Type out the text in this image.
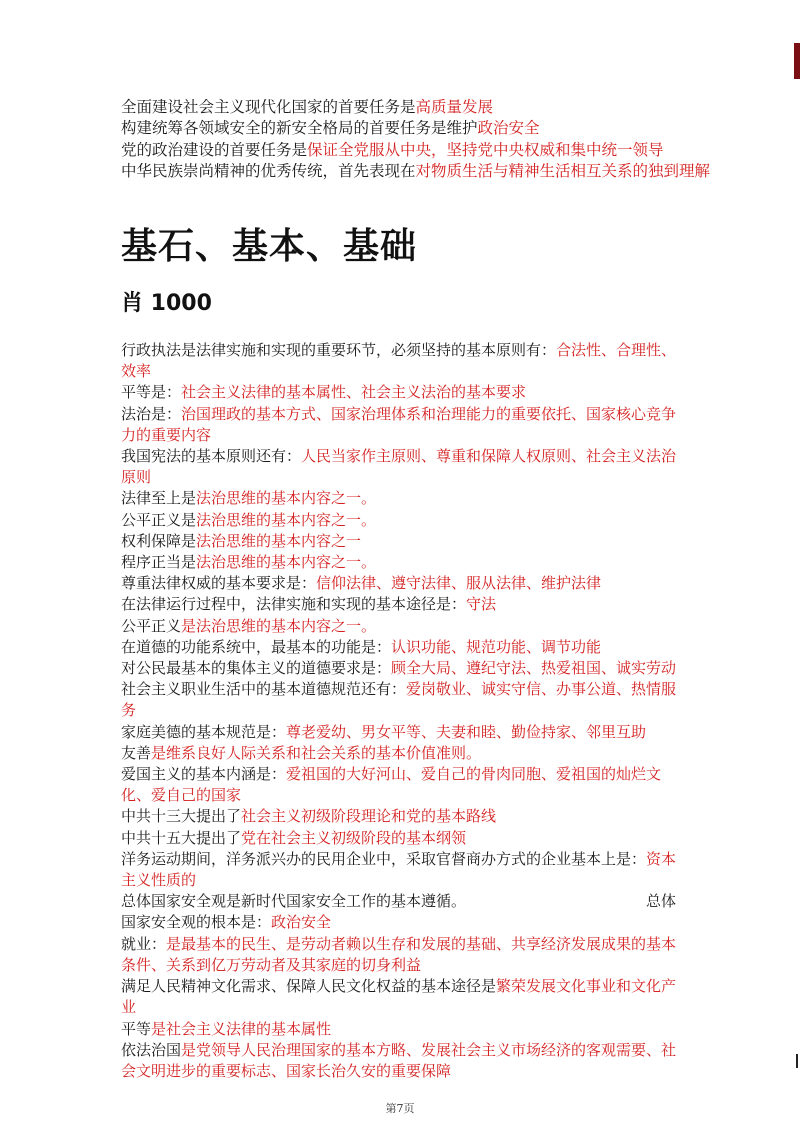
全面建设社会主义现代化国家的首要任务是高质量发展
构建统筹各领域安全的新安全格局的首要任务是维护政治安全
党的政治建设的首要任务是保证全党服从中央，坚持党中央权威和集中统一领导
中华民族崇尚精神的优秀传统，首先表现在对物质生活与精神生活相互关系的独到理解
基石、基本、基础
肖 1000
行政执法是法律实施和实现的重要环节，必须坚持的基本原则有：合法性、合理性、效率
平等是：社会主义法律的基本属性、社会主义法治的基本要求
法治是：治国理政的基本方式、国家治理体系和治理能力的重要依托、国家核心竞争力的重要内容
我国宪法的基本原则还有：人民当家作主原则、尊重和保障人权原则、社会主义法治原则
法律至上是法治思维的基本内容之一。
公平正义是法治思维的基本内容之一。
权利保障是法治思维的基本内容之一
程序正当是法治思维的基本内容之一。
尊重法律权威的基本要求是：信仰法律、遵守法律、服从法律、维护法律
在法律运行过程中，法律实施和实现的基本途径是：守法
公平正义是法治思维的基本内容之一。
在道德的功能系统中，最基本的功能是：认识功能、规范功能、调节功能
对公民最基本的集体主义的道德要求是：顾全大局、遵纪守法、热爱祖国、诚实劳动
社会主义职业生活中的基本道德规范还有：爱岗敬业、诚实守信、办事公道、热情服务
家庭美德的基本规范是：尊老爱幼、男女平等、夫妻和睦、勤俭持家、邻里互助
友善是维系良好人际关系和社会关系的基本价值准则。
爱国主义的基本内涵是：爱祖国的大好河山、爱自己的骨肉同胞、爱祖国的灿烂文化、爱自己的国家
中共十三大提出了社会主义初级阶段理论和党的基本路线
中共十五大提出了党在社会主义初级阶段的基本纲领
洋务运动期间，洋务派兴办的民用企业中，采取官督商办方式的企业基本上是：资本主义性质的
总体国家安全观是新时代国家安全工作的基本遵循。	总体国家安全观的根本是：政治安全
就业：是最基本的民生、是劳动者赖以生存和发展的基础、共享经济发展成果的基本条件、关系到亿万劳动者及其家庭的切身利益
满足人民精神文化需求、保障人民文化权益的基本途径是繁荣发展文化事业和文化产业
平等是社会主义法律的基本属性
依法治国是党领导人民治理国家的基本方略、发展社会主义市场经济的客观需要、社会文明进步的重要标志、国家长治久安的重要保障
第7页
